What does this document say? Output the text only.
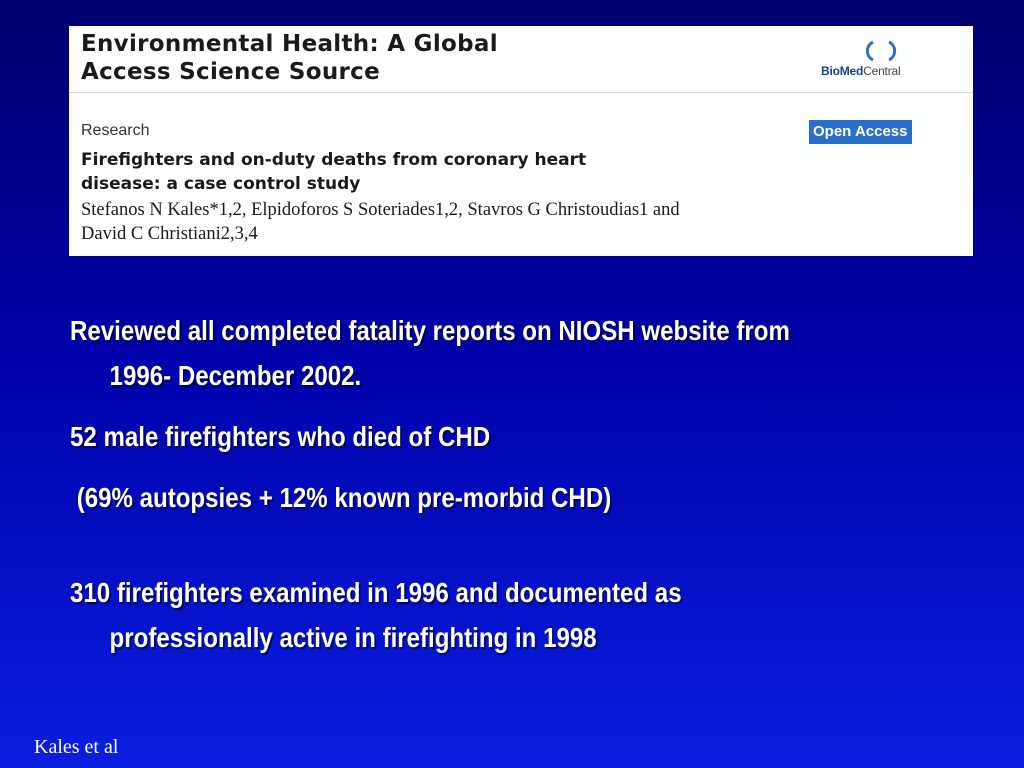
Environmental Health: A Global
Access Science Source	BioMedCentral
Research	Open Access
Firefighters and on-duty deaths from coronary heart
disease: a case control study
Stefanos N Kales*1,2, Elpidoforos S Soteriades1,2, Stavros G Christoudias1 and
David C Christiani2,3,4

Reviewed all completed fatality reports on NIOSH website from 1996- December 2002.

52 male firefighters who died of CHD

(69% autopsies + 12% known pre-morbid CHD)

310 firefighters examined in 1996 and documented as professionally active in firefighting in 1998

Kales et al
